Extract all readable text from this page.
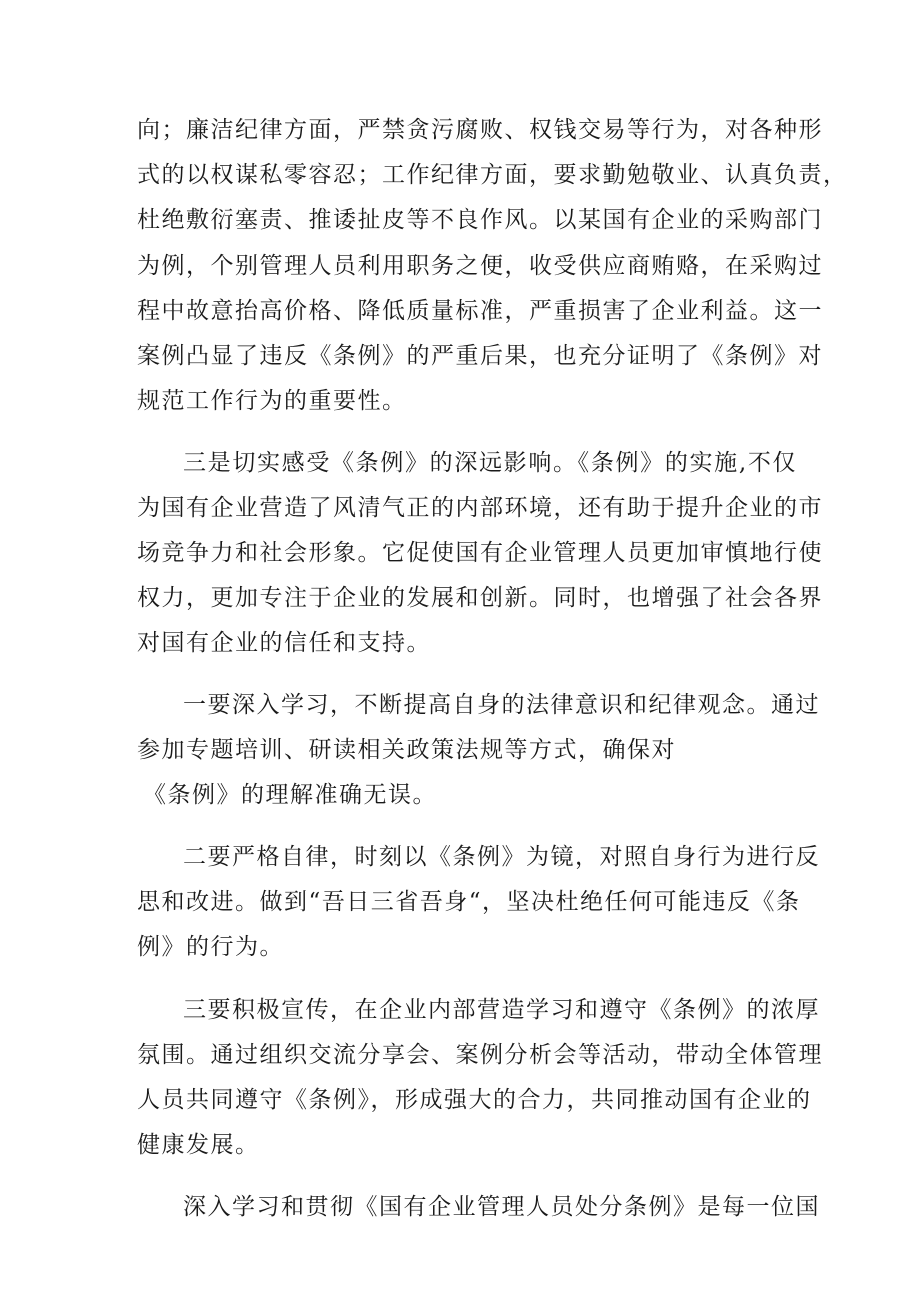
向；廉洁纪律方面，严禁贪污腐败、权钱交易等行为，对各种形
式的以权谋私零容忍；工作纪律方面，要求勤勉敬业、认真负责，
杜绝敷衍塞责、推诿扯皮等不良作风。以某国有企业的采购部门
为例，个别管理人员利用职务之便，收受供应商贿赂，在采购过
程中故意抬高价格、降低质量标准，严重损害了企业利益。这一
案例凸显了违反《条例》的严重后果，也充分证明了《条例》对
规范工作行为的重要性。
三是切实感受《条例》的深远影响。《条例》的实施,不仅
为国有企业营造了风清气正的内部环境，还有助于提升企业的市
场竞争力和社会形象。它促使国有企业管理人员更加审慎地行使
权力，更加专注于企业的发展和创新。同时，也增强了社会各界
对国有企业的信任和支持。
一要深入学习，不断提高自身的法律意识和纪律观念。通过
参加专题培训、研读相关政策法规等方式，确保对
《条例》的理解准确无误。
二要严格自律，时刻以《条例》为镜，对照自身行为进行反
思和改进。做到“吾日三省吾身“，坚决杜绝任何可能违反《条
例》的行为。
三要积极宣传，在企业内部营造学习和遵守《条例》的浓厚
氛围。通过组织交流分享会、案例分析会等活动，带动全体管理
人员共同遵守《条例》，形成强大的合力，共同推动国有企业的
健康发展。
深入学习和贯彻《国有企业管理人员处分条例》是每一位国
